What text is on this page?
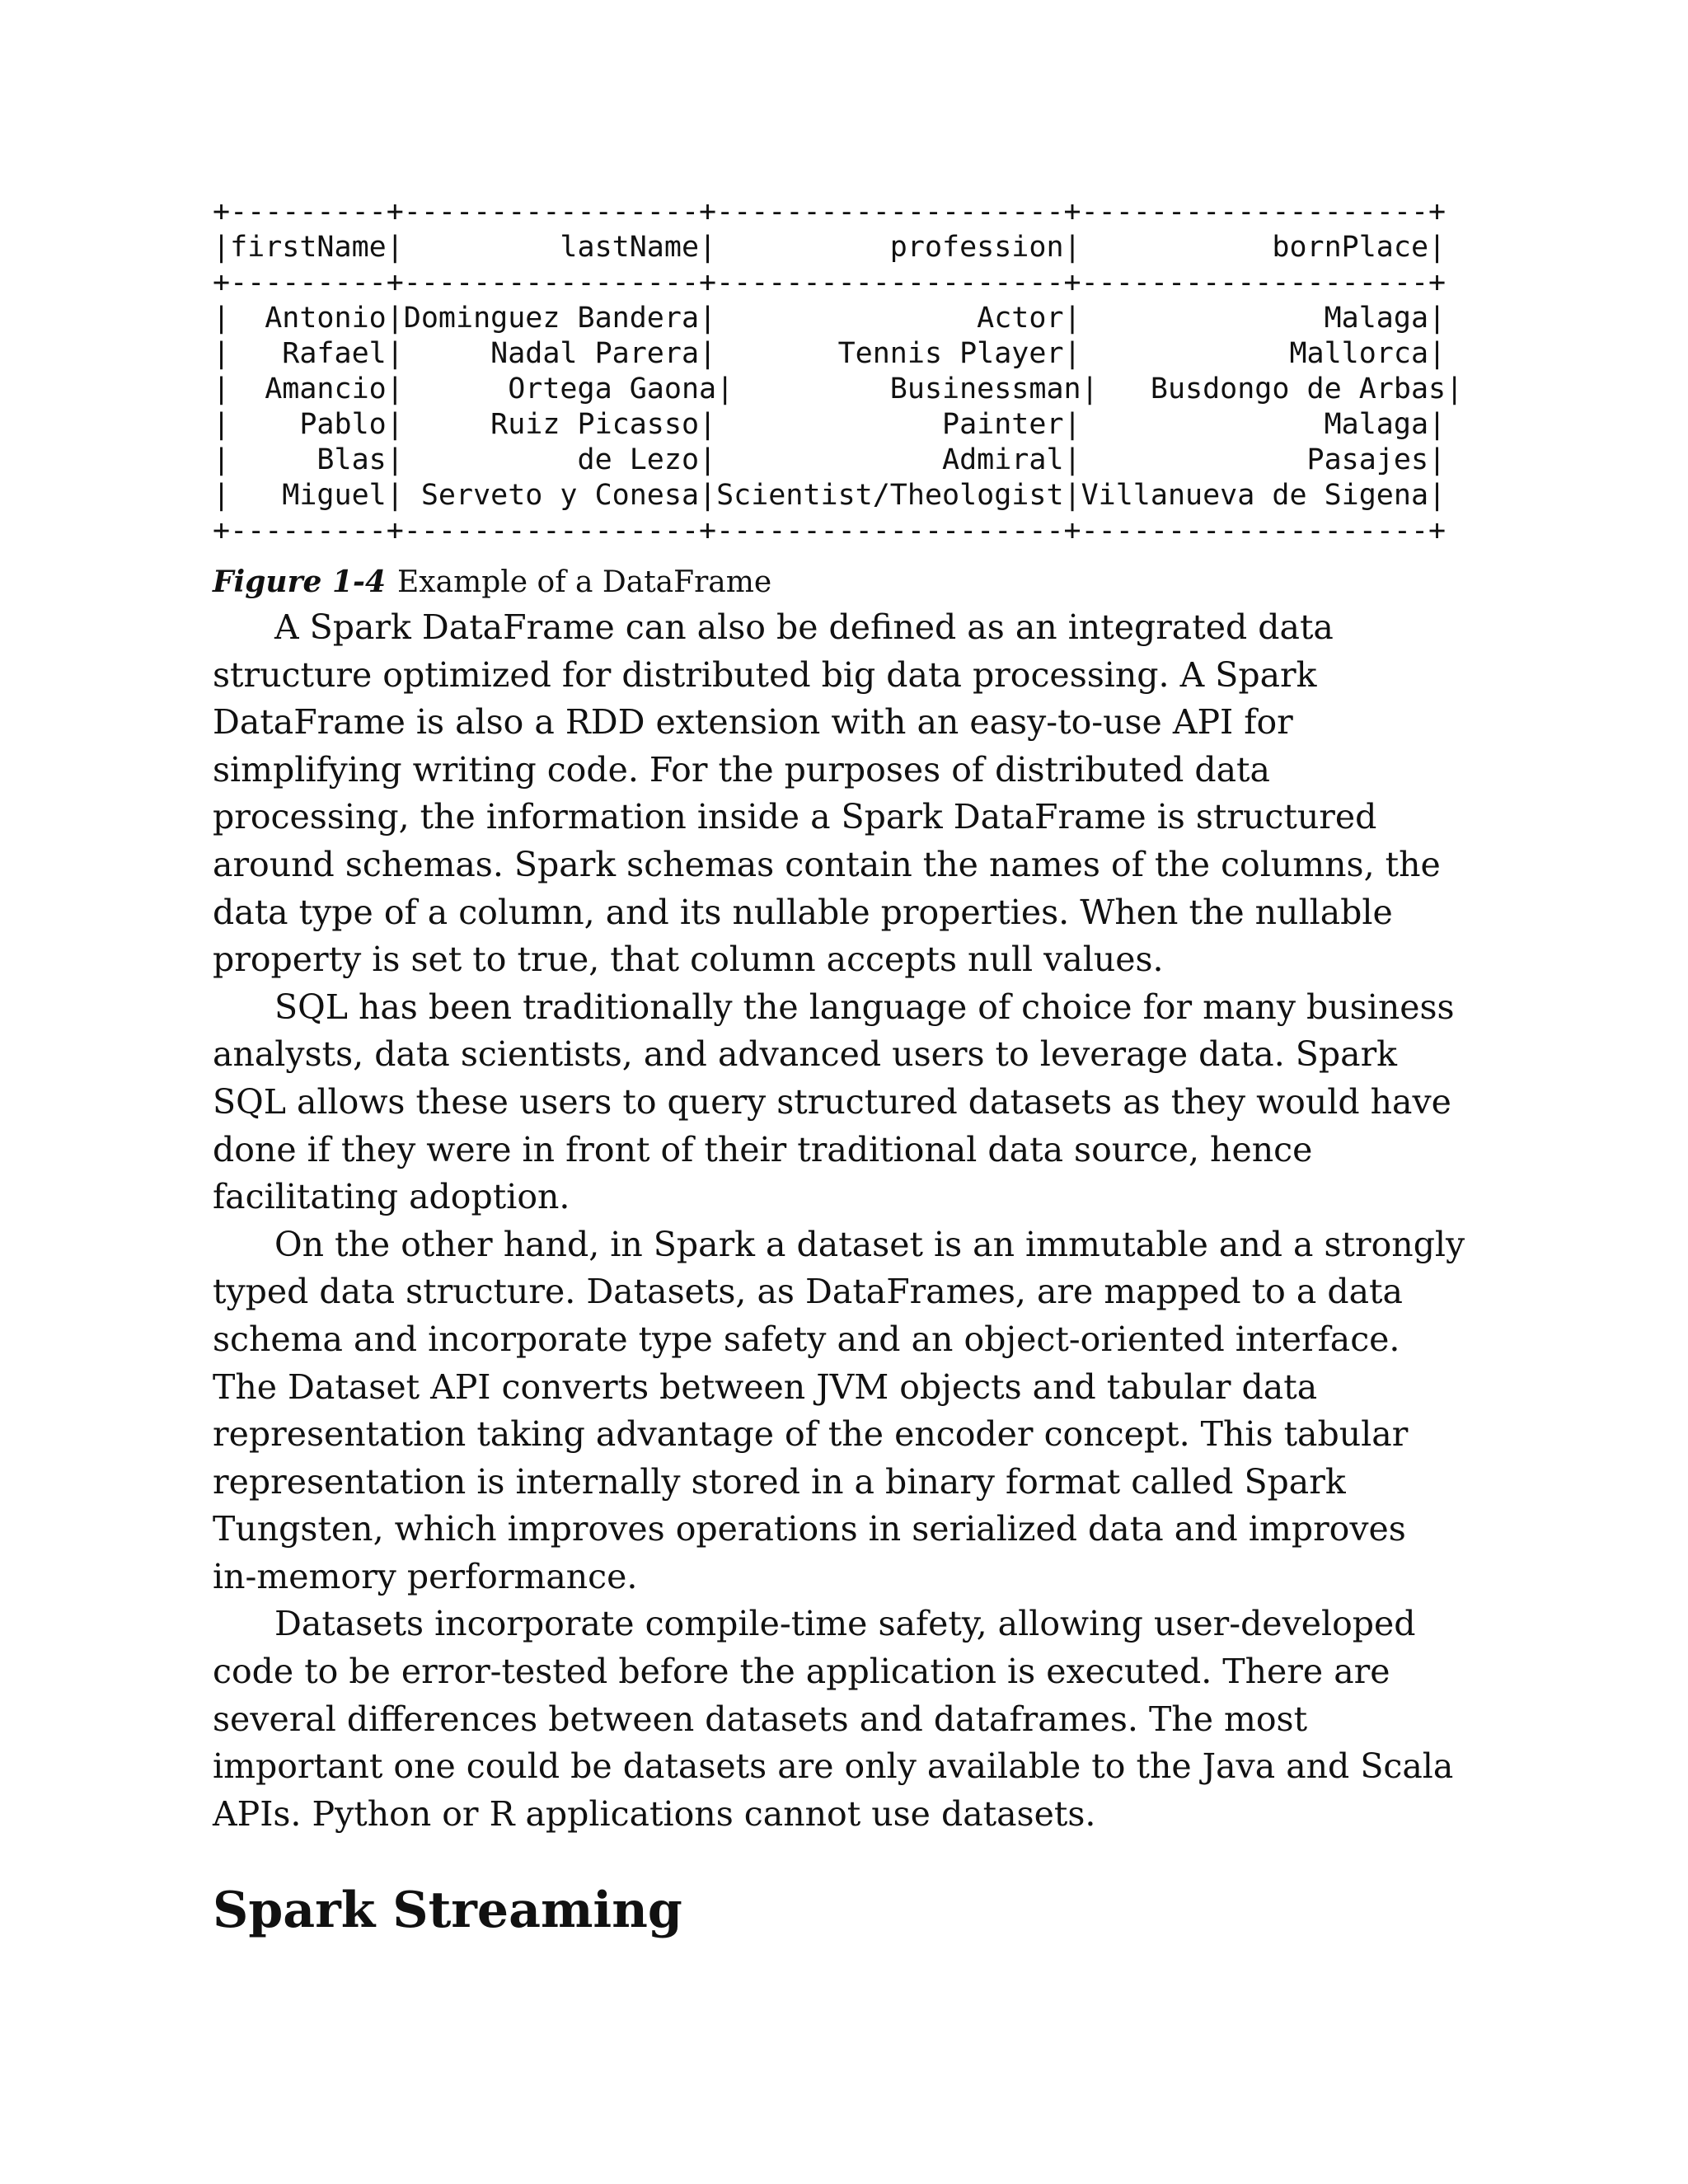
+---------+-----------------+--------------------+--------------------+
|firstName|         lastName|          profession|           bornPlace|
+---------+-----------------+--------------------+--------------------+
|  Antonio|Dominguez Bandera|               Actor|              Malaga|
|   Rafael|     Nadal Parera|       Tennis Player|            Mallorca|
|  Amancio|      Ortega Gaona|         Businessman|   Busdongo de Arbas|
|    Pablo|     Ruiz Picasso|             Painter|              Malaga|
|     Blas|          de Lezo|             Admiral|             Pasajes|
|   Miguel| Serveto y Conesa|Scientist/Theologist|Villanueva de Sigena|
+---------+-----------------+--------------------+--------------------+
Figure 1-4 Example of a DataFrame

A Spark DataFrame can also be defined as an integrated data
structure optimized for distributed big data processing. A Spark
DataFrame is also a RDD extension with an easy-to-use API for
simplifying writing code. For the purposes of distributed data
processing, the information inside a Spark DataFrame is structured
around schemas. Spark schemas contain the names of the columns, the
data type of a column, and its nullable properties. When the nullable
property is set to true, that column accepts null values.

SQL has been traditionally the language of choice for many business
analysts, data scientists, and advanced users to leverage data. Spark
SQL allows these users to query structured datasets as they would have
done if they were in front of their traditional data source, hence
facilitating adoption.

On the other hand, in Spark a dataset is an immutable and a strongly
typed data structure. Datasets, as DataFrames, are mapped to a data
schema and incorporate type safety and an object-oriented interface.
The Dataset API converts between JVM objects and tabular data
representation taking advantage of the encoder concept. This tabular
representation is internally stored in a binary format called Spark
Tungsten, which improves operations in serialized data and improves
in-memory performance.

Datasets incorporate compile-time safety, allowing user-developed
code to be error-tested before the application is executed. There are
several differences between datasets and dataframes. The most
important one could be datasets are only available to the Java and Scala
APIs. Python or R applications cannot use datasets.

Spark Streaming
